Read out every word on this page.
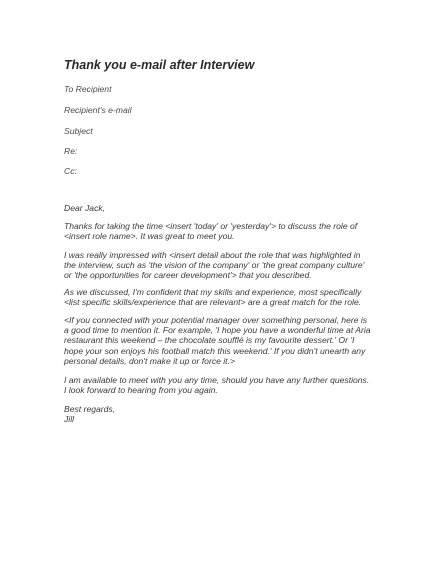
Thank you e-mail after Interview
To Recipient
Recipient's e-mail
Subject
Re:
Cc:
Dear Jack,
Thanks for taking the time <insert 'today' or 'yesterday'> to discuss the role of
<insert role name>. It was great to meet you.
I was really impressed with <insert detail about the role that was highlighted in
the interview, such as 'the vision of the company' or 'the great company culture'
or 'the opportunities for career development'> that you described.
As we discussed, I'm confident that my skills and experience, most specifically
<list specific skills/experience that are relevant> are a great match for the role.
<If you connected with your potential manager over something personal, here is
a good time to mention it. For example, 'I hope you have a wonderful time at Aria
restaurant this weekend – the chocolate soufflé is my favourite dessert.' Or 'I
hope your son enjoys his football match this weekend.' If you didn't unearth any
personal details, don't make it up or force it.>
I am available to meet with you any time, should you have any further questions.
I look forward to hearing from you again.
Best regards,
Jill
